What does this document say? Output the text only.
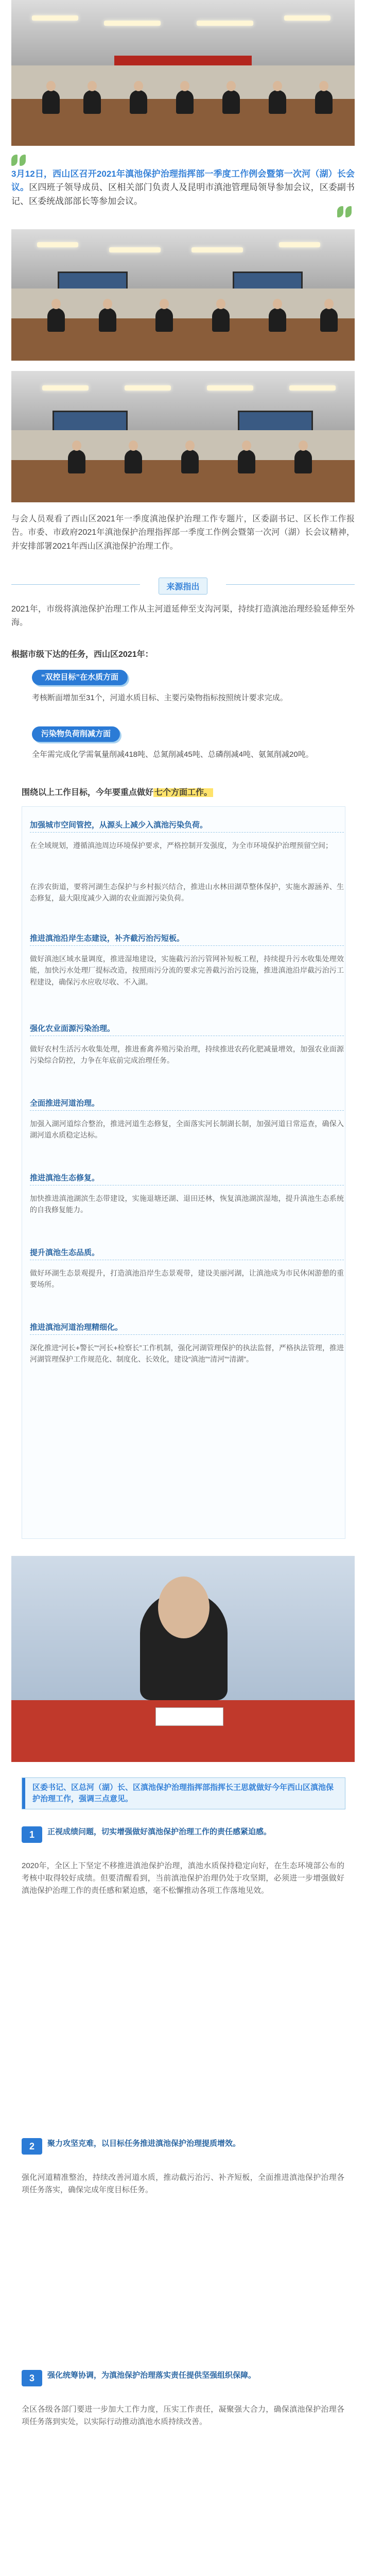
3月12日，西山区召开2021年滇池保护治理指挥部一季度工作例会暨第一次河（湖）长会议。区四班子领导成员、区相关部门负责人及昆明市滇池管理局领导参加会议，区委副书记、区委统战部部长等参加会议。
与会人员观看了西山区2021年一季度滇池保护治理工作专题片，区委副书记、区长作工作报告。市委、市政府2021年滇池保护治理指挥部一季度工作例会暨第一次河（湖）长会议精神，并安排部署2021年西山区滇池保护治理工作。
来源指出
2021年，市级将滇池保护治理工作从主河道延伸至支沟河渠，持续打造滇池治理经验延伸至外海。
根据市级下达的任务，西山区2021年：
“双控目标”在水质方面
考核断面增加至31个，河道水质目标、主要污染物指标按照统计要求完成。
污染物负荷削减方面
全年需完成化学需氧量削减418吨、总氮削减45吨、总磷削减4吨、氨氮削减20吨。
围绕以上工作目标，今年要重点做好 七个方面工作。
加强城市空间管控，从源头上减少入滇池污染负荷。
在全域规划，遵循滇池周边环境保护要求，严格控制开发强度，为全市环境保护治理预留空间；
在涉农街道，要将河湖生态保护与乡村振兴结合，推进山水林田湖草整体保护，实施水源涵养、生态修复，最大限度减少入湖的农业面源污染负荷。
推进滇池沿岸生态建设，补齐截污治污短板。
做好滇池区域水量调度，推进湿地建设，实施截污治污管网补短板工程，持续提升污水收集处理效能，加快污水处理厂提标改造，按照雨污分流的要求完善截污治污设施，推进滇池沿岸截污治污工程建设，确保污水应收尽收、不入湖。
强化农业面源污染治理。
做好农村生活污水收集处理，推进畜禽养殖污染治理，持续推进农药化肥减量增效，加强农业面源污染综合防控，力争在年底前完成治理任务。
全面推进河道治理。
加强入湖河道综合整治，推进河道生态修复，全面落实河长制湖长制，加强河道日常巡查，确保入湖河道水质稳定达标。
推进滇池生态修复。
加快推进滇池湖滨生态带建设，实施退塘还湖、退田还林，恢复滇池湖滨湿地，提升滇池生态系统的自我修复能力。
提升滇池生态品质。
做好环湖生态景观提升，打造滇池沿岸生态景观带，建设美丽河湖，让滇池成为市民休闲游憩的重要场所。
推进滇池河道治理精细化。
深化推进“河长+警长”“河长+检察长”工作机制，强化河湖管理保护的执法监督，严格执法管理，推进河湖管理保护工作规范化、制度化、长效化，建设“滇池”“清河”“清湖”。
区委书记、区总河（湖）长、区滇池保护治理指挥部指挥长王思就做好今年西山区滇池保护治理工作，强调三点意见。
1	正视成绩问题，切实增强做好滇池保护治理工作的责任感紧迫感。
2020年，全区上下坚定不移推进滇池保护治理，滇池水质保持稳定向好，在生态环境部公布的考核中取得较好成绩。但要清醒看到，当前滇池保护治理仍处于攻坚期，必须进一步增强做好滇池保护治理工作的责任感和紧迫感，毫不松懈推动各项工作落地见效。
2	聚力攻坚克难，以目标任务推进滇池保护治理提质增效。
强化河道精准整治，持续改善河道水质，推动截污治污、补齐短板，全面推进滇池保护治理各项任务落实，确保完成年度目标任务。
3	强化统筹协调，为滇池保护治理落实责任提供坚强组织保障。
全区各级各部门要进一步加大工作力度，压实工作责任，凝聚强大合力，确保滇池保护治理各项任务落到实处，以实际行动推动滇池水质持续改善。
